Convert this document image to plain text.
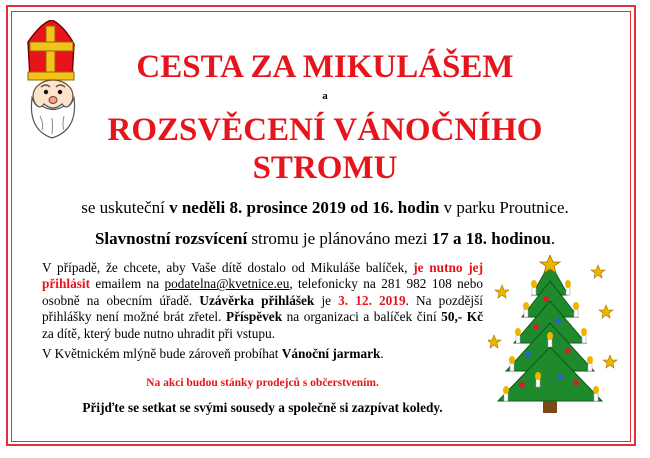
CESTA ZA MIKULÁŠEM
a
ROZSVĚCENÍ VÁNOČNÍHO
STROMU
se uskuteční v neděli 8. prosince 2019 od 16. hodin v parku Proutnice.
Slavnostní rozsvícení stromu je plánováno mezi 17 a 18. hodinou.
V případě, že chcete, aby Vaše dítě dostalo od Mikuláše balíček, je nutno jej přihlásit emailem na podatelna@kvetnice.eu, telefonicky na 281 982 108 nebo osobně na obecním úřadě. Uzávěrka přihlášek je 3. 12. 2019. Na pozdější přihlášky není možné brát zřetel. Příspěvek na organizaci a balíček činí 50,- Kč za dítě, který bude nutno uhradit při vstupu.
V Květnickém mlýně bude zároveň probíhat Vánoční jarmark.
Na akci budou stánky prodejců s občerstvením.
Přijďte se setkat se svými sousedy a společně si zazpívat koledy.
